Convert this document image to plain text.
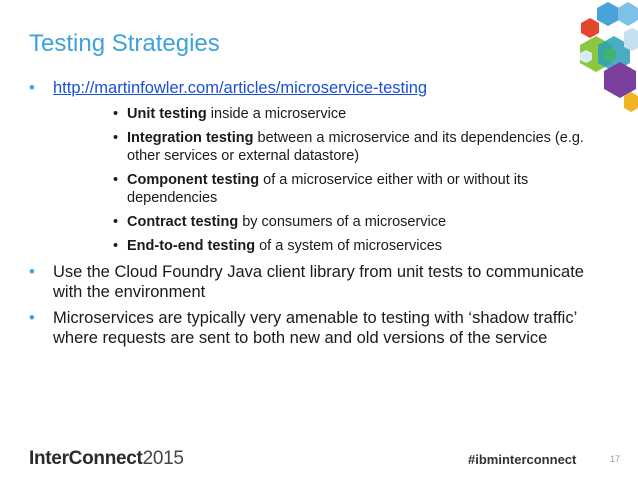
Testing Strategies
• http://martinfowler.com/articles/microservice-testing
• Unit testing inside a microservice
• Integration testing between a microservice and its dependencies (e.g. other services or external datastore)
• Component testing of a microservice either with or without its dependencies
• Contract testing by consumers of a microservice
• End-to-end testing of a system of microservices
• Use the Cloud Foundry Java client library from unit tests to communicate with the environment
• Microservices are typically very amenable to testing with ‘shadow traffic’ where requests are sent to both new and old versions of the service
InterConnect2015	#ibminterconnect	17
